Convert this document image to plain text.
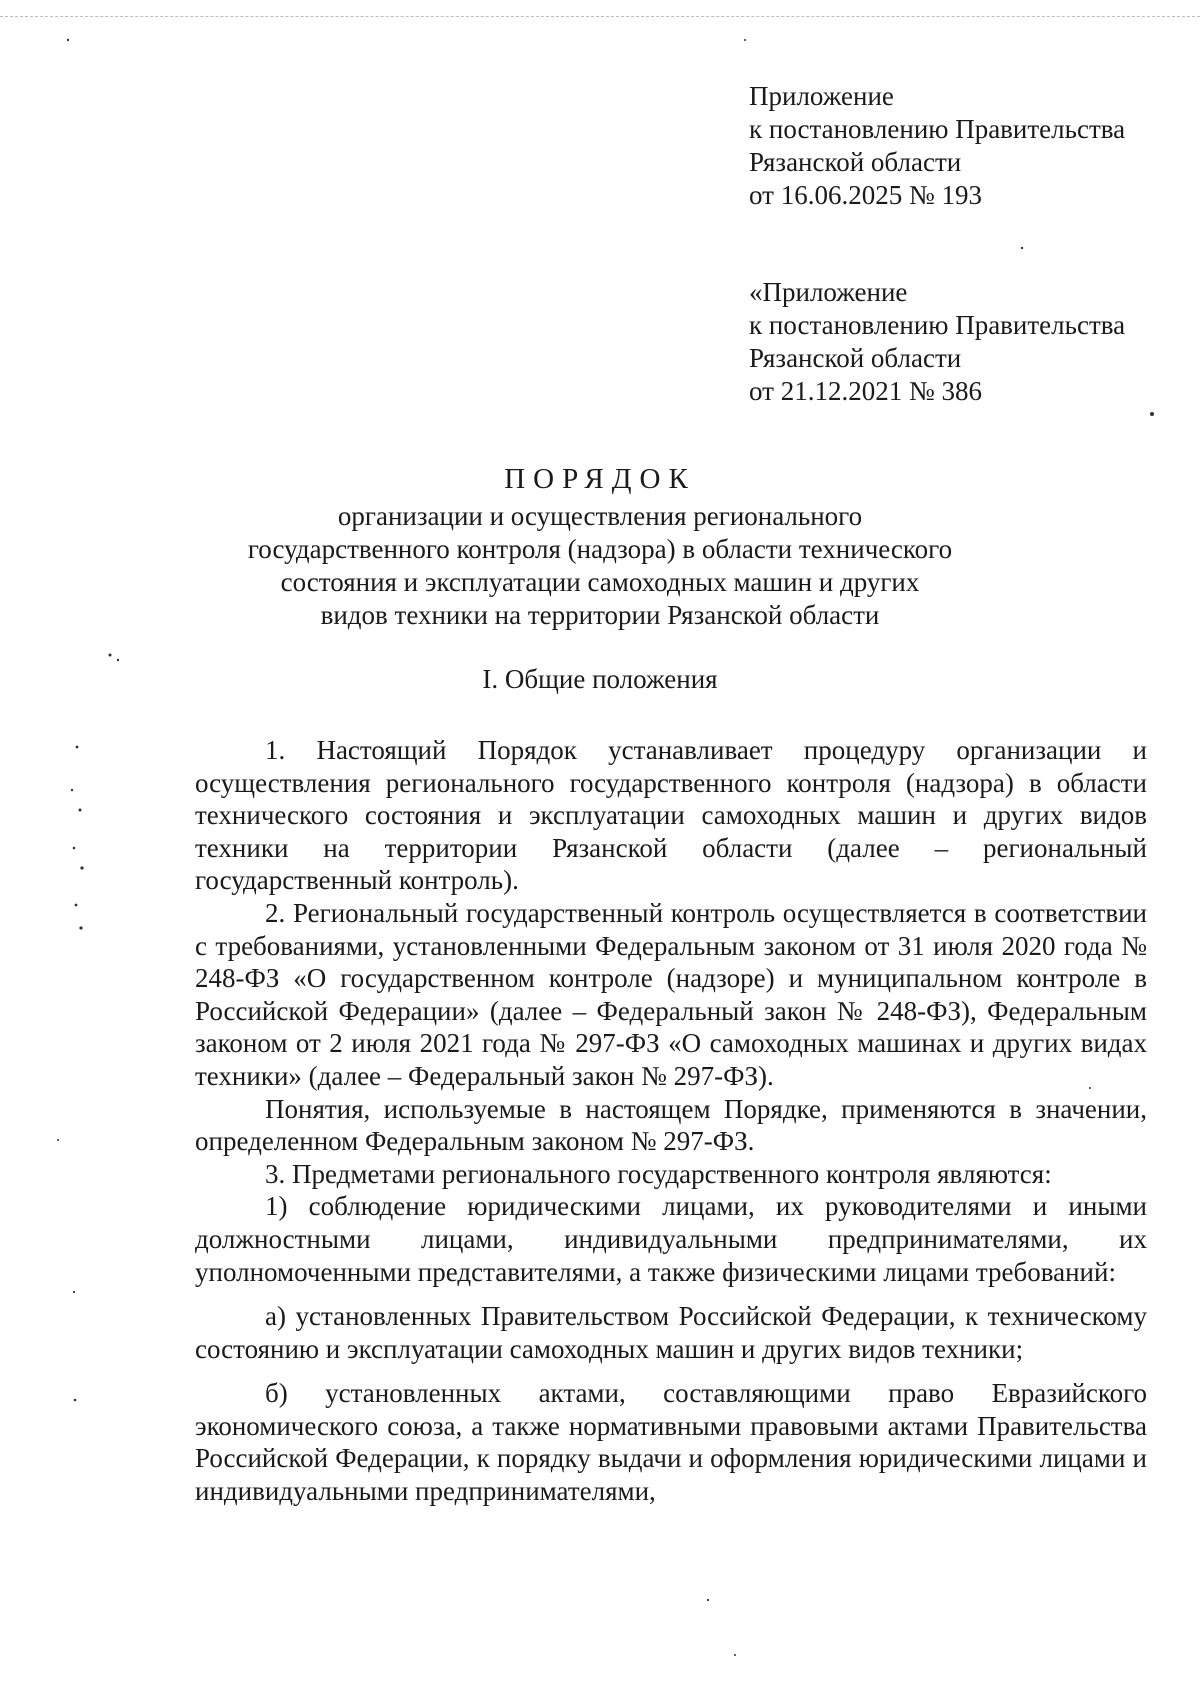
Приложение
к постановлению Правительства
Рязанской области
от 16.06.2025 № 193
«Приложение
к постановлению Правительства
Рязанской области
от 21.12.2021 № 386
ПОРЯДОК
организации и осуществления регионального
государственного контроля (надзора) в области технического
состояния и эксплуатации самоходных машин и других
видов техники на территории Рязанской области
I. Общие положения

1. Настоящий Порядок устанавливает процедуру организации и осуществления регионального государственного контроля (надзора) в области технического состояния и эксплуатации самоходных машин и других видов техники на территории Рязанской области (далее – региональный государственный контроль).

2. Региональный государственный контроль осуществляется в соответствии с требованиями, установленными Федеральным законом от 31 июля 2020 года № 248-ФЗ «О государственном контроле (надзоре) и муниципальном контроле в Российской Федерации» (далее – Федеральный закон № 248-ФЗ), Федеральным законом от 2 июля 2021 года № 297-ФЗ «О самоходных машинах и других видах техники» (далее – Федеральный закон № 297-ФЗ).

Понятия, используемые в настоящем Порядке, применяются в значении, определенном Федеральным законом № 297-ФЗ.

3. Предметами регионального государственного контроля являются:

1) соблюдение юридическими лицами, их руководителями и иными должностными лицами, индивидуальными предпринимателями, их уполномоченными представителями, а также физическими лицами требований:

а) установленных Правительством Российской Федерации, к техническому состоянию и эксплуатации самоходных машин и других видов техники;

б) установленных актами, составляющими право Евразийского экономического союза, а также нормативными правовыми актами Правительства Российской Федерации, к порядку выдачи и оформления юридическими лицами и индивидуальными предпринимателями,
